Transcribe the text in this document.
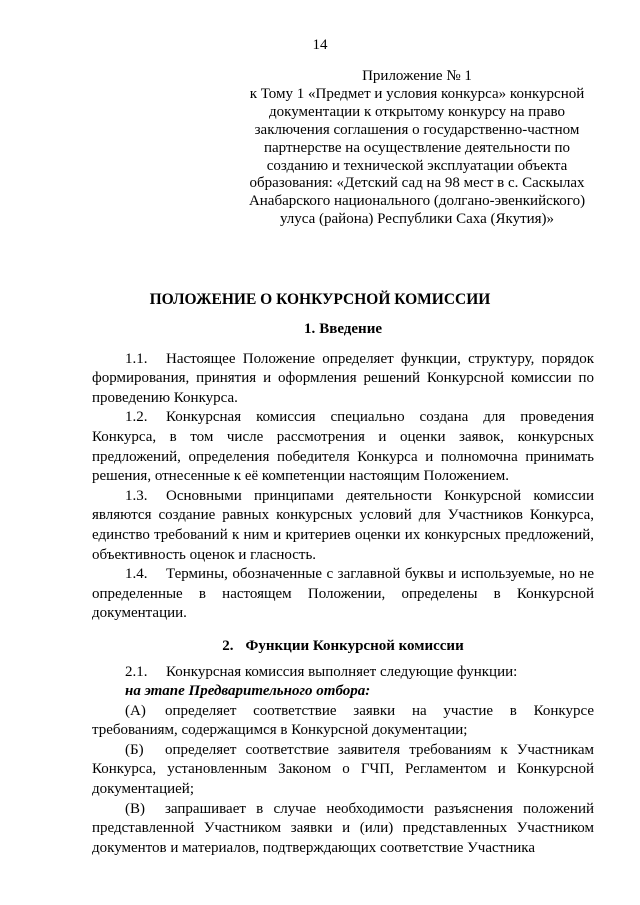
14
Приложение № 1
к Тому 1 «Предмет и условия конкурса» конкурсной
документации к открытому конкурсу на право
заключения соглашения о государственно-частном
партнерстве на осуществление деятельности по
созданию и технической эксплуатации объекта
образования: «Детский сад на 98 мест в с. Саскылах
Анабарского национального (долгано-эвенкийского)
улуса (района) Республики Саха (Якутия)»
ПОЛОЖЕНИЕ О КОНКУРСНОЙ КОМИССИИ

1. Введение

1.1. Настоящее Положение определяет функции, структуру, порядок формирования, принятия и оформления решений Конкурсной комиссии по проведению Конкурса.

1.2. Конкурсная комиссия специально создана для проведения Конкурса, в том числе рассмотрения и оценки заявок, конкурсных предложений, определения победителя Конкурса и полномочна принимать решения, отнесенные к её компетенции настоящим Положением.

1.3. Основными принципами деятельности Конкурсной комиссии являются создание равных конкурсных условий для Участников Конкурса, единство требований к ним и критериев оценки их конкурсных предложений, объективность оценок и гласность.

1.4. Термины, обозначенные с заглавной буквы и используемые, но не определенные в настоящем Положении, определены в Конкурсной документации.

2. Функции Конкурсной комиссии

2.1. Конкурсная комиссия выполняет следующие функции:

на этапе Предварительного отбора:

(А) определяет соответствие заявки на участие в Конкурсе требованиям, содержащимся в Конкурсной документации;

(Б) определяет соответствие заявителя требованиям к Участникам Конкурса, установленным Законом о ГЧП, Регламентом и Конкурсной документацией;

(В) запрашивает в случае необходимости разъяснения положений представленной Участником заявки и (или) представленных Участником документов и материалов, подтверждающих соответствие Участника
